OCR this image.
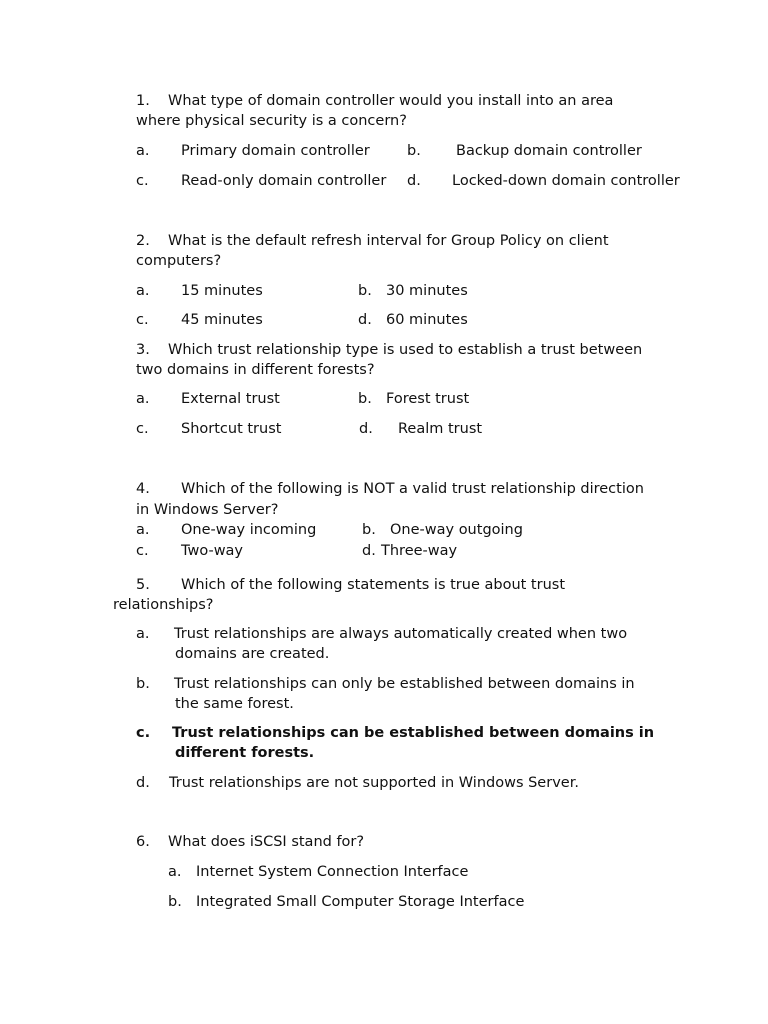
1. What type of domain controller would you install into an area
where physical security is a concern?
a. Primary domain controller	b. Backup domain controller
c. Read-only domain controller d. Locked-down domain controller
2. What is the default refresh interval for Group Policy on client
computers?
a. 15 minutes	b. 30 minutes
c. 45 minutes	d. 60 minutes
3. Which trust relationship type is used to establish a trust between
two domains in different forests?
a. External trust	b. Forest trust
c. Shortcut trust	d. Realm trust
4. Which of the following is NOT a valid trust relationship direction
in Windows Server?
a. One-way incoming	b. One-way outgoing
c. Two-way	d. Three-way
5. Which of the following statements is true about trust
relationships?
a. Trust relationships are always automatically created when two
domains are created.
b. Trust relationships can only be established between domains in
the same forest.
c. Trust relationships can be established between domains in
different forests.
d. Trust relationships are not supported in Windows Server.
6. What does iSCSI stand for?
a. Internet System Connection Interface
b. Integrated Small Computer Storage Interface
